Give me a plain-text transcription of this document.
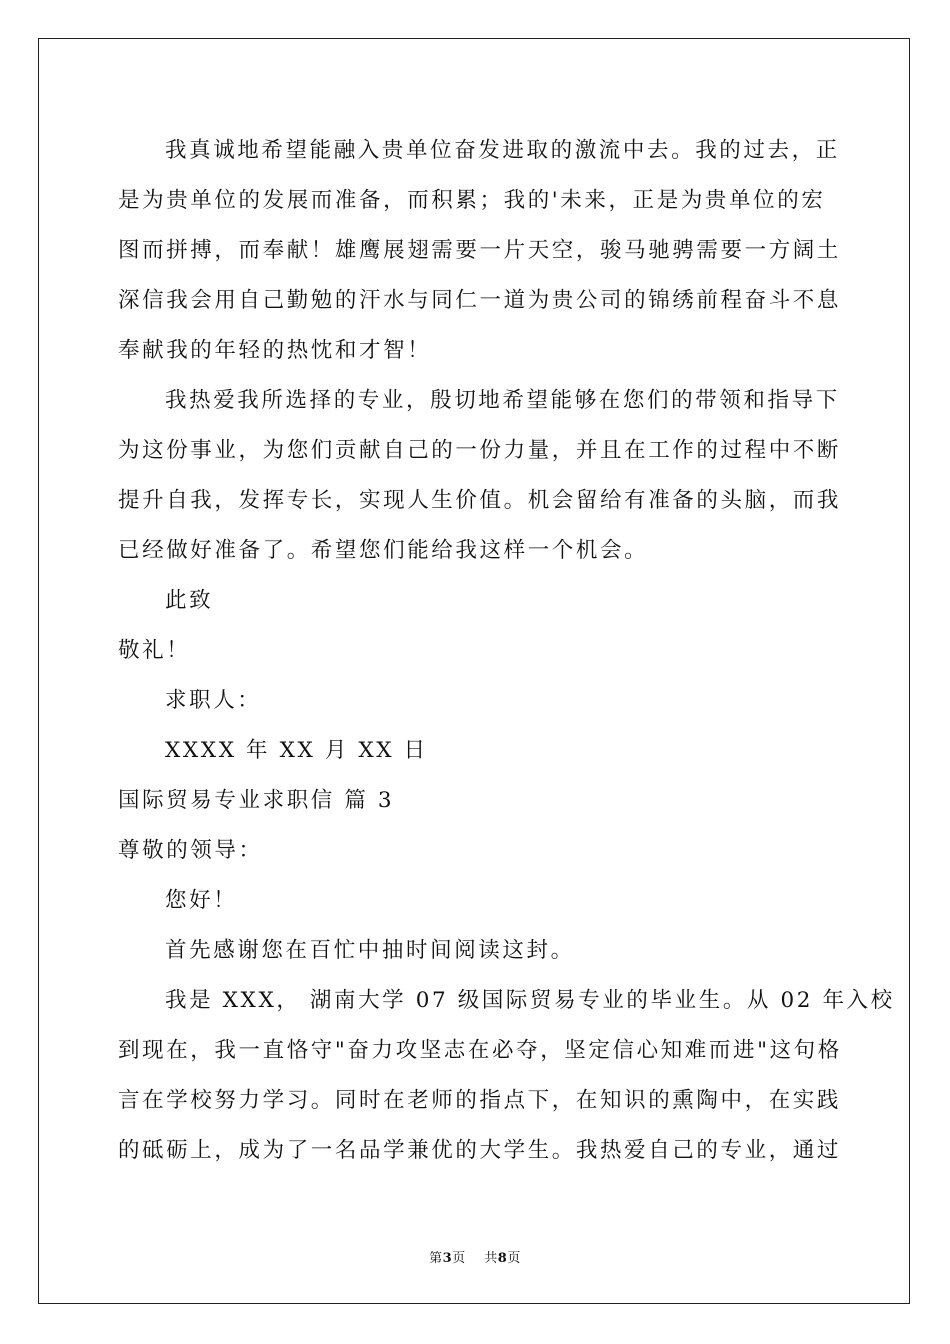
我真诚地希望能融入贵单位奋发进取的激流中去。我的过去，正
是为贵单位的发展而准备，而积累；我的'未来，正是为贵单位的宏
图而拼搏，而奉献！雄鹰展翅需要一片天空，骏马驰骋需要一方阔土
深信我会用自己勤勉的汗水与同仁一道为贵公司的锦绣前程奋斗不息
奉献我的年轻的热忱和才智！
我热爱我所选择的专业，殷切地希望能够在您们的带领和指导下
为这份事业，为您们贡献自己的一份力量，并且在工作的过程中不断
提升自我，发挥专长，实现人生价值。机会留给有准备的头脑，而我
已经做好准备了。希望您们能给我这样一个机会。
此致
敬礼！
求职人：
XXXX 年 XX 月 XX 日
国际贸易专业求职信 篇 3
尊敬的领导：
您好！
首先感谢您在百忙中抽时间阅读这封。
我是 XXX， 湖南大学 07 级国际贸易专业的毕业生。从 02 年入校
到现在，我一直恪守"奋力攻坚志在必夺，坚定信心知难而进"这句格
言在学校努力学习。同时在老师的指点下，在知识的熏陶中，在实践
的砥砺上，成为了一名品学兼优的大学生。我热爱自己的专业，通过
第3页 共8页
